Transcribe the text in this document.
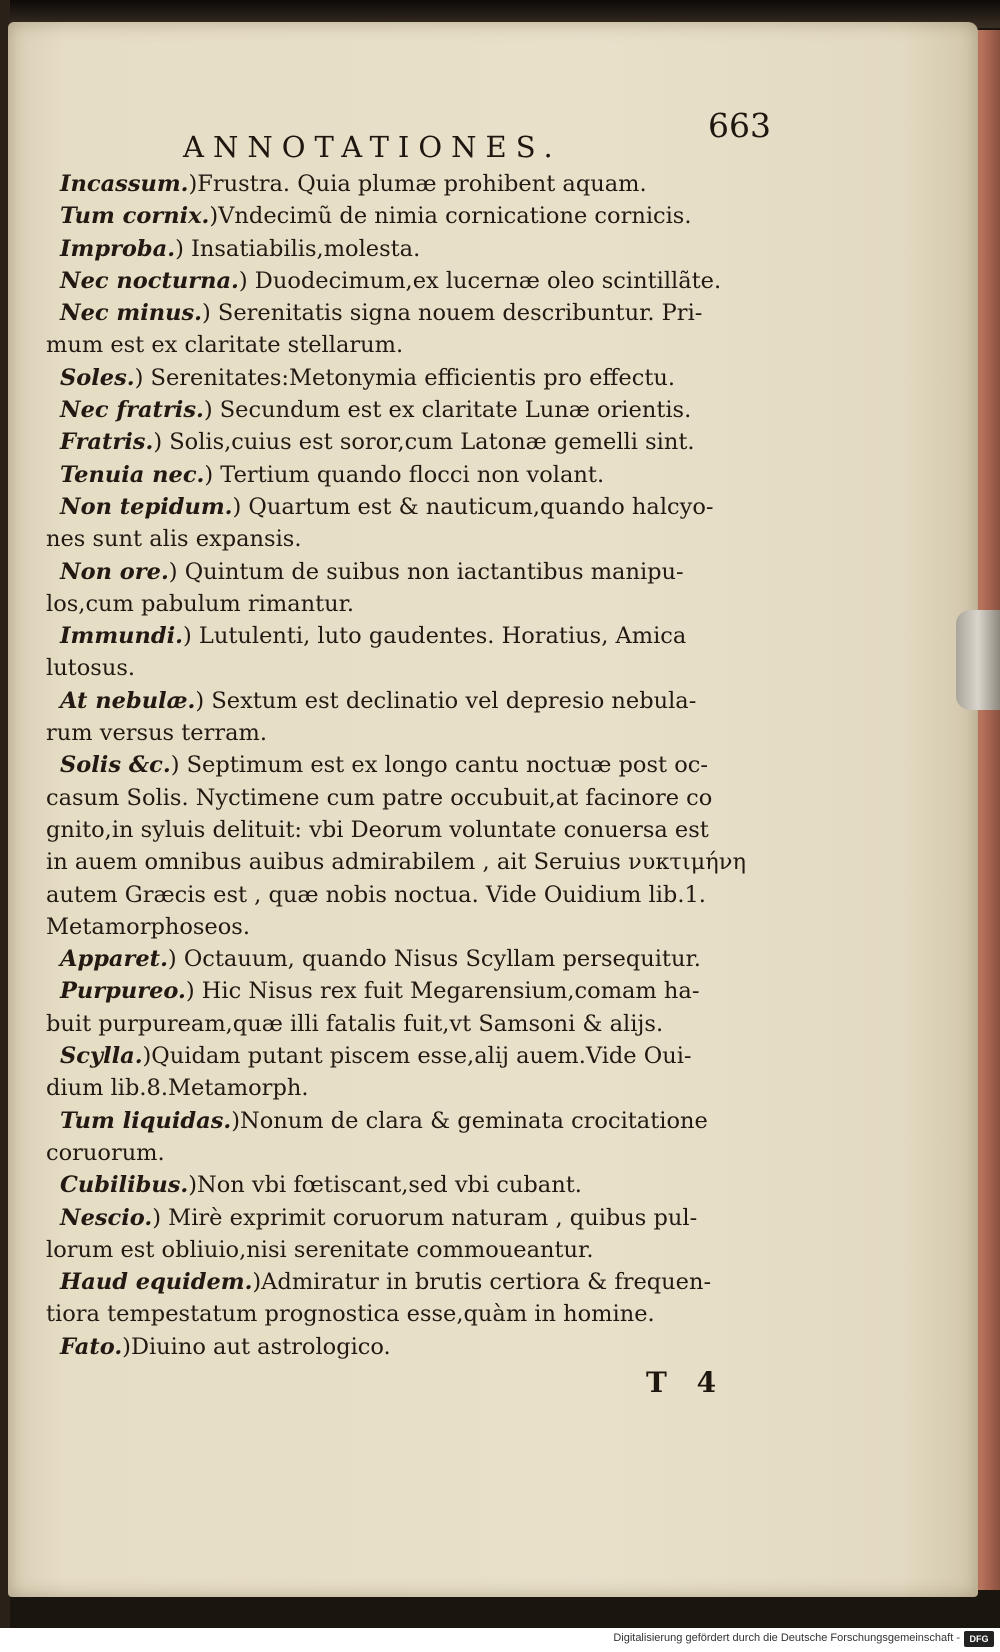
ANNOTATIONES.
663
Incassum.)Frustra. Quia plumæ prohibent aquam.
Tum cornix.)Vndecimũ de nimia cornicatione cornicis.
Improba.) Insatiabilis,molesta.
Nec nocturna.) Duodecimum,ex lucernæ oleo scintillãte.
Nec minus.) Serenitatis signa nouem describuntur. Pri-
mum est ex claritate stellarum.
Soles.) Serenitates:Metonymia efficientis pro effectu.
Nec fratris.) Secundum est ex claritate Lunæ orientis.
Fratris.) Solis,cuius est soror,cum Latonæ gemelli sint.
Tenuia nec.) Tertium quando flocci non volant.
Non tepidum.) Quartum est & nauticum,quando halcyo-
nes sunt alis expansis.
Non ore.) Quintum de suibus non iactantibus manipu-
los,cum pabulum rimantur.
Immundi.) Lutulenti, luto gaudentes. Horatius, Amica
lutosus.
At nebulæ.) Sextum est declinatio vel depresio nebula-
rum versus terram.
Solis &c.) Septimum est ex longo cantu noctuæ post oc-
casum Solis. Nyctimene cum patre occubuit,at facinore co
gnito,in syluis delituit: vbi Deorum voluntate conuersa est
in auem omnibus auibus admirabilem , ait Seruius νυκτιμήνη
autem Græcis est , quæ nobis noctua. Vide Ouidium lib.1.
Metamorphoseos.
Apparet.) Octauum, quando Nisus Scyllam persequitur.
Purpureo.) Hic Nisus rex fuit Megarensium,comam ha-
buit purpuream,quæ illi fatalis fuit,vt Samsoni & alijs.
Scylla.)Quidam putant piscem esse,alij auem.Vide Oui-
dium lib.8.Metamorph.
Tum liquidas.)Nonum de clara & geminata crocitatione
coruorum.
Cubilibus.)Non vbi fœtiscant,sed vbi cubant.
Nescio.) Mirè exprimit coruorum naturam , quibus pul-
lorum est obliuio,nisi serenitate commoueantur.
Haud equidem.)Admiratur in brutis certiora & frequen-
tiora tempestatum prognostica esse,quàm in homine.
Fato.)Diuino aut astrologico.
T 4
Digitalisierung gefördert durch die Deutsche Forschungsgemeinschaft -	DFG
